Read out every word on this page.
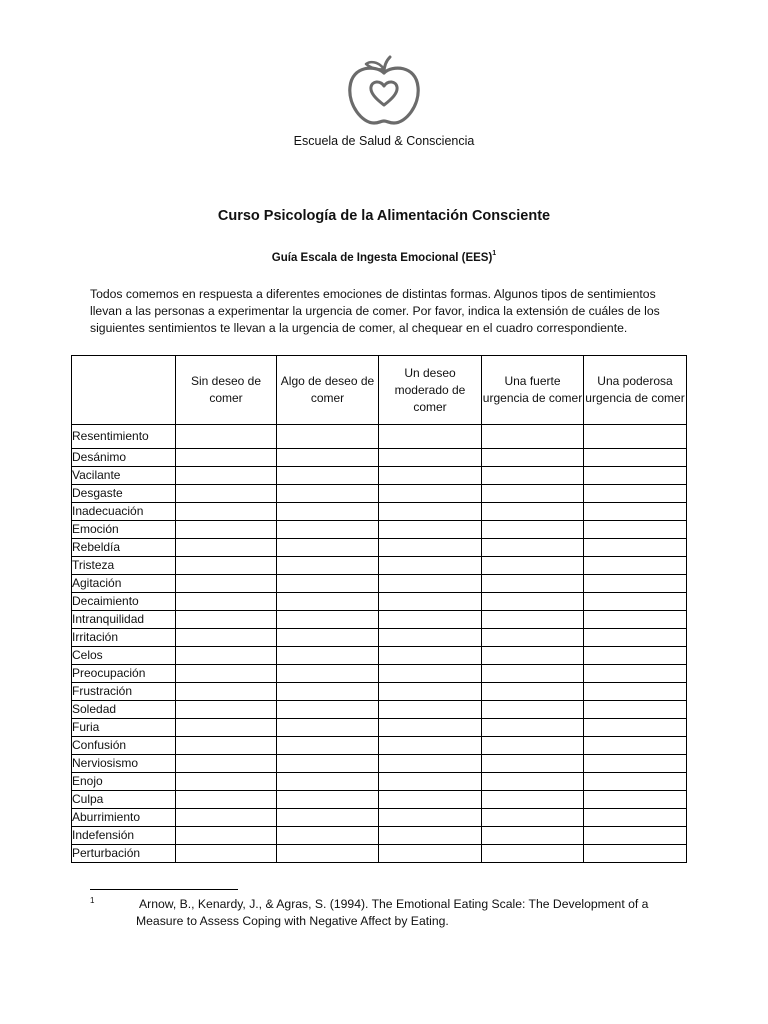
Escuela de Salud & Consciencia
Curso Psicología de la Alimentación Consciente
Guía Escala de Ingesta Emocional (EES)$^1$

Todos comemos en respuesta a diferentes emociones de distintas formas. Algunos tipos de sentimientos llevan a las personas a experimentar la urgencia de comer. Por favor, indica la extensión de cuáles de los siguientes sentimientos te llevan a la urgencia de comer, al chequear en el cuadro correspondiente.

	Sin deseo de comer	Algo de deseo de comer	Un deseo moderado de comer	Una fuerte urgencia de comer	Una poderosa urgencia de comer
Resentimiento					
Desánimo					
Vacilante					
Desgaste					
Inadecuación					
Emoción					
Rebeldía					
Tristeza					
Agitación					
Decaimiento					
Intranquilidad					
Irritación					
Celos					
Preocupación					
Frustración					
Soledad					
Furia					
Confusión					
Nerviosismo					
Enojo					
Culpa					
Aburrimiento					
Indefensión					
Perturbación					
1	Arnow, B., Kenardy, J., & Agras, S. (1994). The Emotional Eating Scale: The Development of a Measure to Assess Coping with Negative Affect by Eating.
